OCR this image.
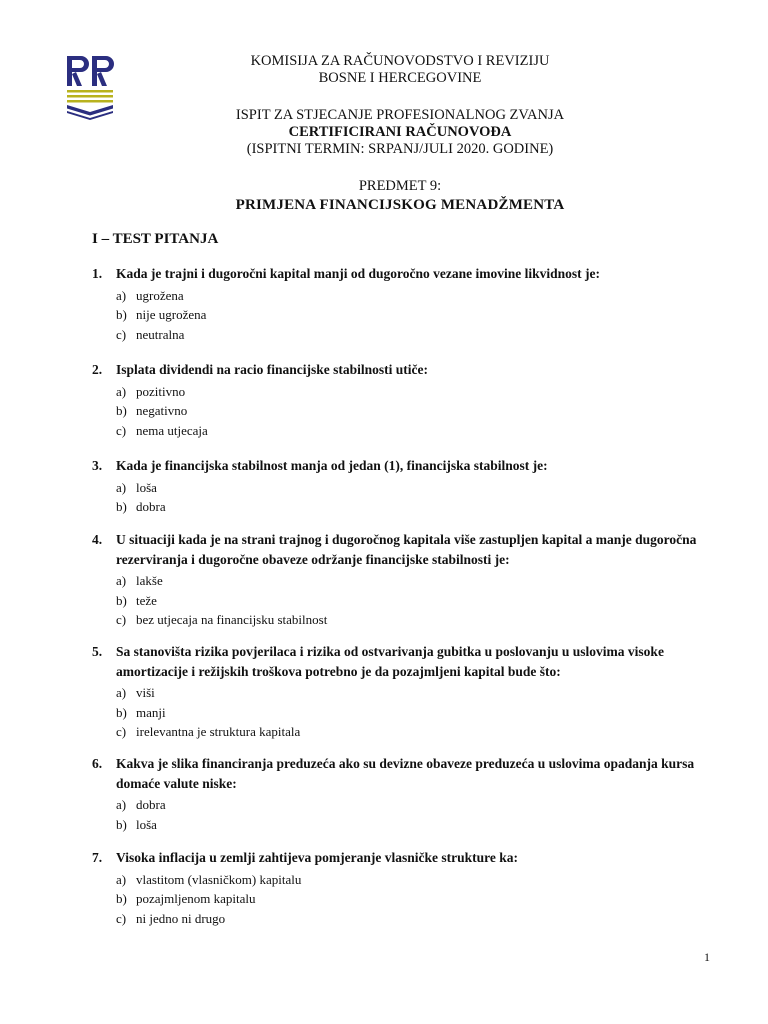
KOMISIJA ZA RAČUNOVODSTVO I REVIZIJU
BOSNE I HERCEGOVINE
ISPIT ZA STJECANJE PROFESIONALNOG ZVANJA
CERTIFICIRANI RAČUNOVOĐA
(ISPITNI TERMIN: SRPANJ/JULI 2020. GODINE)
PREDMET 9:
PRIMJENA FINANCIJSKOG MENADŽMENTA
I – TEST PITANJA
1. Kada je trajni i dugoročni kapital manji od dugoročno vezane imovine likvidnost je:
a) ugrožena
b) nije ugrožena
c) neutralna
2. Isplata dividendi na racio financijske stabilnosti utiče:
a) pozitivno
b) negativno
c) nema utjecaja
3. Kada je financijska stabilnost manja od jedan (1), financijska stabilnost je:
a) loša
b) dobra
4. U situaciji kada je na strani trajnog i dugoročnog kapitala više zastupljen kapital a manje dugoročna rezerviranja i dugoročne obaveze održanje financijske stabilnosti je:
a) lakše
b) teže
c) bez utjecaja na financijsku stabilnost
5. Sa stanovišta rizika povjerilaca i rizika od ostvarivanja gubitka u poslovanju u uslovima visoke amortizacije i režijskih troškova potrebno je da pozajmljeni kapital bude što:
a) viši
b) manji
c) irelevantna je struktura kapitala
6. Kakva je slika financiranja preduzeća ako su devizne obaveze preduzeća u uslovima opadanja kursa domaće valute niske:
a) dobra
b) loša
7. Visoka inflacija u zemlji zahtijeva pomjeranje vlasničke strukture ka:
a) vlastitom (vlasničkom) kapitalu
b) pozajmljenom kapitalu
c) ni jedno ni drugo
1
